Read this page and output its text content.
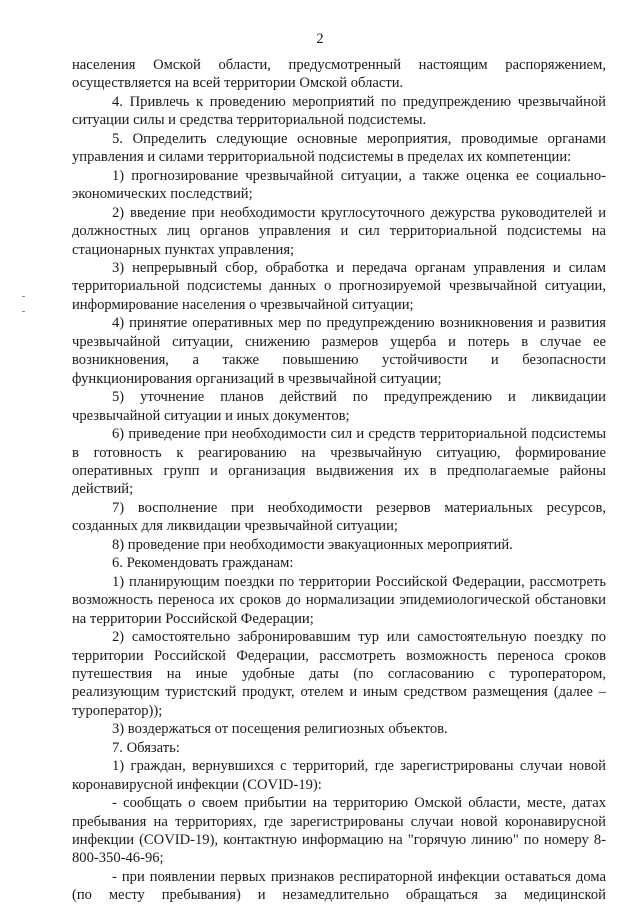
2

населения Омской области, предусмотренный настоящим распоряжением, осуществляется на всей территории Омской области.

4. Привлечь к проведению мероприятий по предупреждению чрезвычайной ситуации силы и средства территориальной подсистемы.

5. Определить следующие основные мероприятия, проводимые органами управления и силами территориальной подсистемы в пределах их компетенции:

1) прогнозирование чрезвычайной ситуации, а также оценка ее социально-экономических последствий;

2) введение при необходимости круглосуточного дежурства руководителей и должностных лиц органов управления и сил территориальной подсистемы на стационарных пунктах управления;

3) непрерывный сбор, обработка и передача органам управления и силам территориальной подсистемы данных о прогнозируемой чрезвычайной ситуации, информирование населения о чрезвычайной ситуации;

4) принятие оперативных мер по предупреждению возникновения и развития чрезвычайной ситуации, снижению размеров ущерба и потерь в случае ее возникновения, а также повышению устойчивости и безопасности функционирования организаций в чрезвычайной ситуации;

5) уточнение планов действий по предупреждению и ликвидации чрезвычайной ситуации и иных документов;

6) приведение при необходимости сил и средств территориальной подсистемы в готовность к реагированию на чрезвычайную ситуацию, формирование оперативных групп и организация выдвижения их в предполагаемые районы действий;

7) восполнение при необходимости резервов материальных ресурсов, созданных для ликвидации чрезвычайной ситуации;

8) проведение при необходимости эвакуационных мероприятий.

6. Рекомендовать гражданам:

1) планирующим поездки по территории Российской Федерации, рассмотреть возможность переноса их сроков до нормализации эпидемиологической обстановки на территории Российской Федерации;

2) самостоятельно забронировавшим тур или самостоятельную поездку по территории Российской Федерации, рассмотреть возможность переноса сроков путешествия на иные удобные даты (по согласованию с туроператором, реализующим туристский продукт, отелем и иным средством размещения (далее – туроператор));

3) воздержаться от посещения религиозных объектов.

7. Обязать:

1) граждан, вернувшихся с территорий, где зарегистрированы случаи новой коронавирусной инфекции (COVID-19):

- сообщать о своем прибытии на территорию Омской области, месте, датах пребывания на территориях, где зарегистрированы случаи новой коронавирусной инфекции (COVID-19), контактную информацию на "горячую линию" по номеру 8-800-350-46-96;

- при появлении первых признаков респираторной инфекции оставаться дома (по месту пребывания) и незамедлительно обращаться за медицинской
